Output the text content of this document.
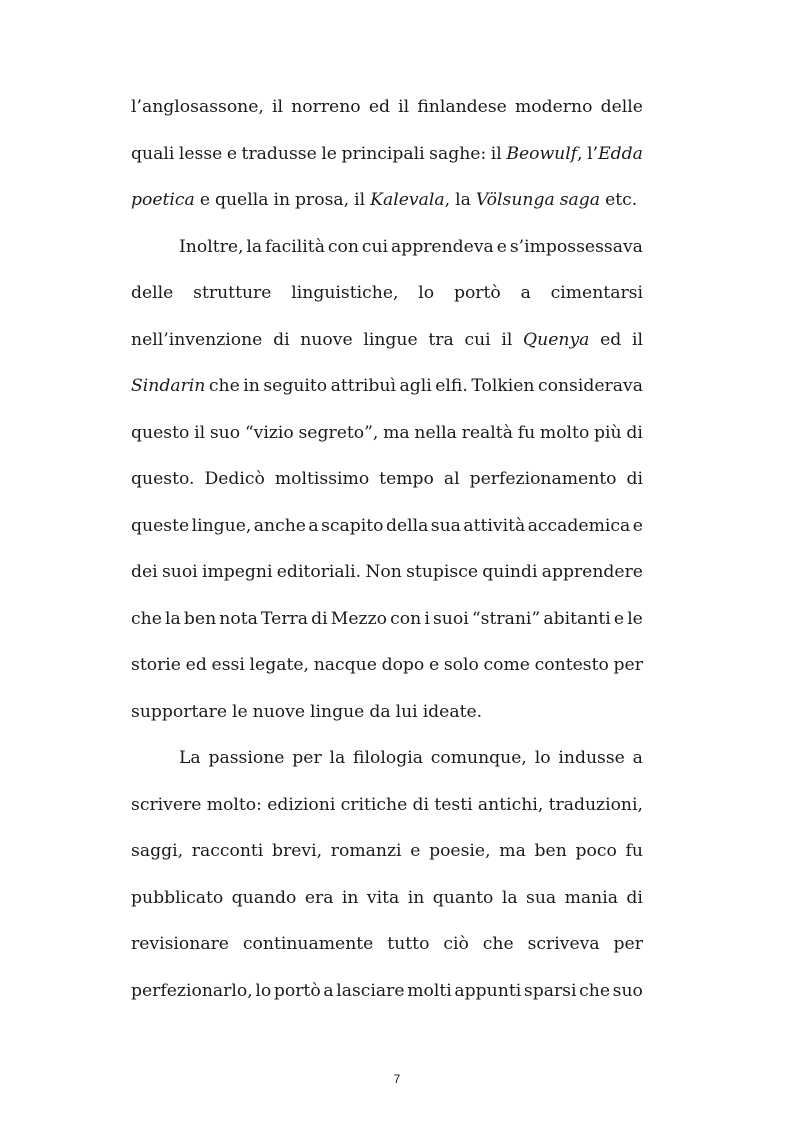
l’anglosassone, il norreno ed il finlandese moderno delle
quali lesse e tradusse le principali saghe: il Beowulf, l’Edda
poetica e quella in prosa, il Kalevala, la Völsunga saga etc.
Inoltre, la facilità con cui apprendeva e s’impossessava
delle strutture linguistiche, lo portò a cimentarsi
nell’invenzione di nuove lingue tra cui il Quenya ed il
Sindarin che in seguito attribuì agli elfi. Tolkien considerava
questo il suo “vizio segreto”, ma nella realtà fu molto più di
questo. Dedicò moltissimo tempo al perfezionamento di
queste lingue, anche a scapito della sua attività accademica e
dei suoi impegni editoriali. Non stupisce quindi apprendere
che la ben nota Terra di Mezzo con i suoi “strani” abitanti e le
storie ed essi legate, nacque dopo e solo come contesto per
supportare le nuove lingue da lui ideate.
La passione per la filologia comunque, lo indusse a
scrivere molto: edizioni critiche di testi antichi, traduzioni,
saggi, racconti brevi, romanzi e poesie, ma ben poco fu
pubblicato quando era in vita in quanto la sua mania di
revisionare continuamente tutto ciò che scriveva per
perfezionarlo, lo portò a lasciare molti appunti sparsi che suo
7
